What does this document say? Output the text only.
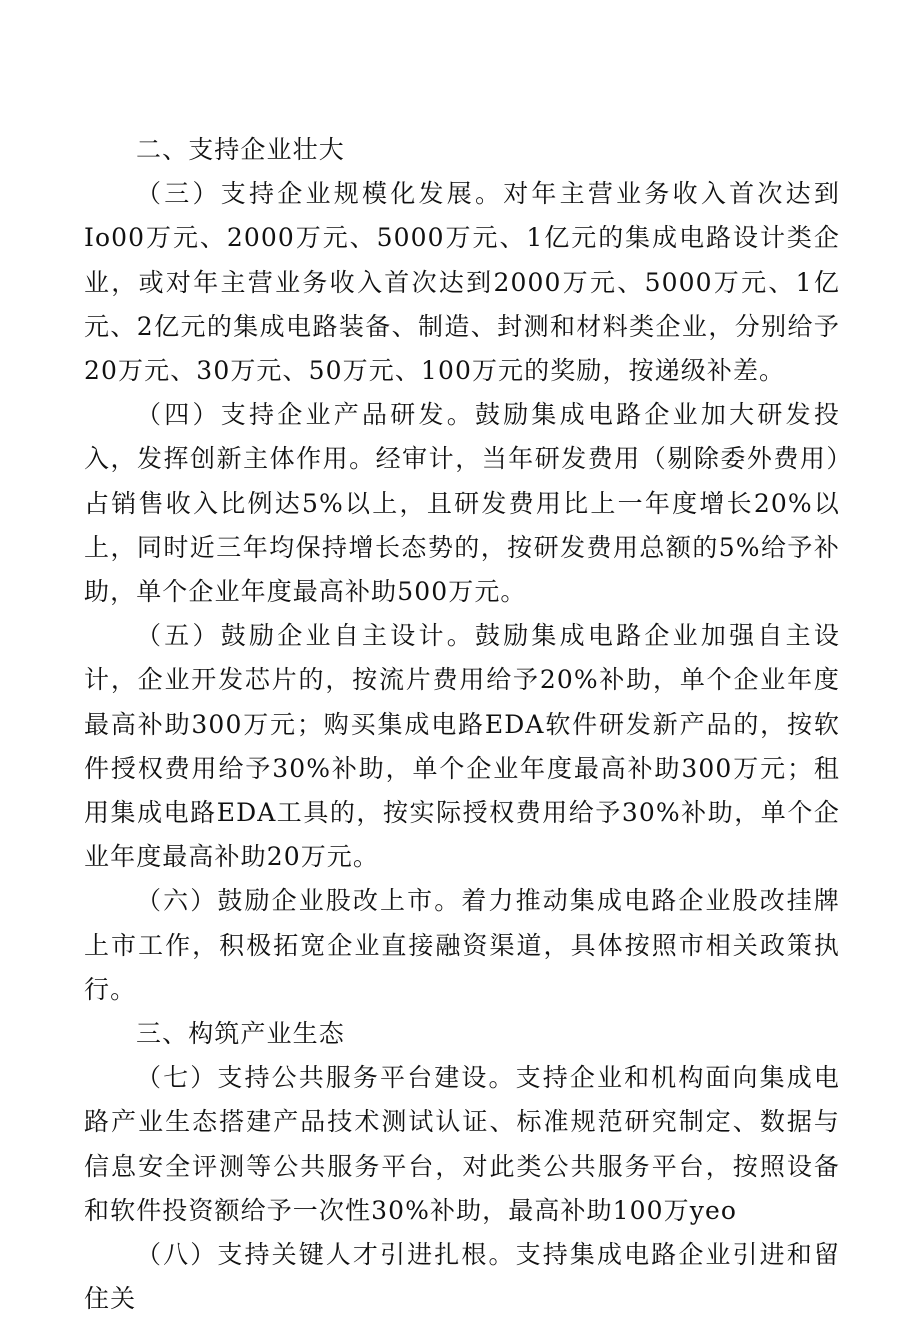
二、支持企业壮大

（三）支持企业规模化发展。对年主营业务收入首次达到Io00万元、2000万元、5000万元、1亿元的集成电路设计类企业，或对年主营业务收入首次达到2000万元、5000万元、1亿元、2亿元的集成电路装备、制造、封测和材料类企业，分别给予20万元、30万元、50万元、100万元的奖励，按递级补差。

（四）支持企业产品研发。鼓励集成电路企业加大研发投入，发挥创新主体作用。经审计，当年研发费用（剔除委外费用）占销售收入比例达5%以上，且研发费用比上一年度增长20%以上，同时近三年均保持增长态势的，按研发费用总额的5%给予补助，单个企业年度最高补助500万元。

（五）鼓励企业自主设计。鼓励集成电路企业加强自主设计，企业开发芯片的，按流片费用给予20%补助，单个企业年度最高补助300万元；购买集成电路EDA软件研发新产品的，按软件授权费用给予30%补助，单个企业年度最高补助300万元；租用集成电路EDA工具的，按实际授权费用给予30%补助，单个企业年度最高补助20万元。

（六）鼓励企业股改上市。着力推动集成电路企业股改挂牌上市工作，积极拓宽企业直接融资渠道，具体按照市相关政策执行。

三、构筑产业生态

（七）支持公共服务平台建设。支持企业和机构面向集成电路产业生态搭建产品技术测试认证、标准规范研究制定、数据与信息安全评测等公共服务平台，对此类公共服务平台，按照设备和软件投资额给予一次性30%补助，最高补助100万yeo

（八）支持关键人才引进扎根。支持集成电路企业引进和留住关
